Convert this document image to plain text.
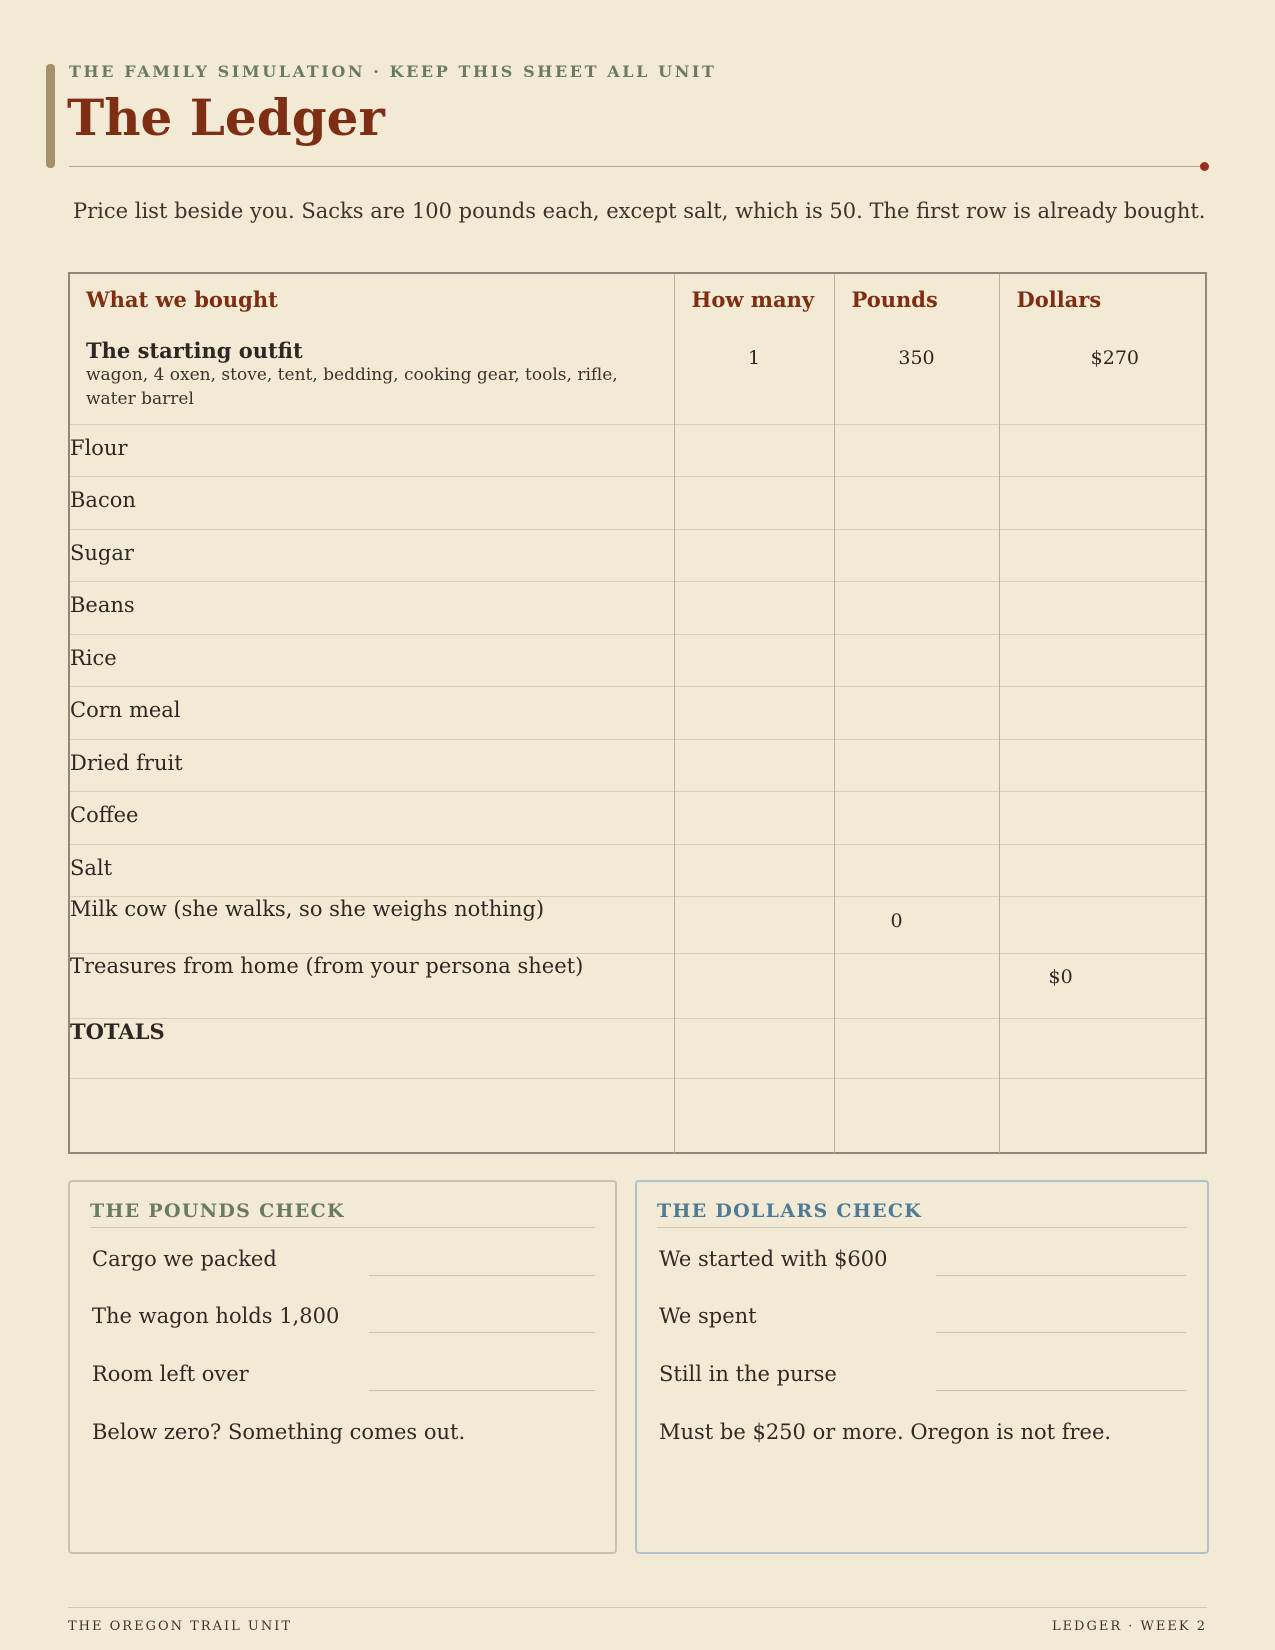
THE FAMILY SIMULATION · KEEP THIS SHEET ALL UNIT
The Ledger
Price list beside you. Sacks are 100 pounds each, except salt, which is 50. The first row is already bought.
What we bought	How many	Pounds	Dollars

The starting outfit
wagon, 4 oxen, stove, tent, bedding, cooking gear, tools, rifle, water barrel	1	350	$270
Flour			
Bacon			
Sugar			
Beans			
Rice			
Corn meal			
Dried fruit			
Coffee			
Salt			
Milk cow (she walks, so she weighs nothing)		0	
Treasures from home (from your persona sheet)			$0
TOTALS			

THE POUNDS CHECK
Cargo we packed
The wagon holds 1,800
Room left over
Below zero? Something comes out.
THE DOLLARS CHECK
We started with $600
We spent
Still in the purse
Must be $250 or more. Oregon is not free.
THE OREGON TRAIL UNIT	LEDGER · WEEK 2
